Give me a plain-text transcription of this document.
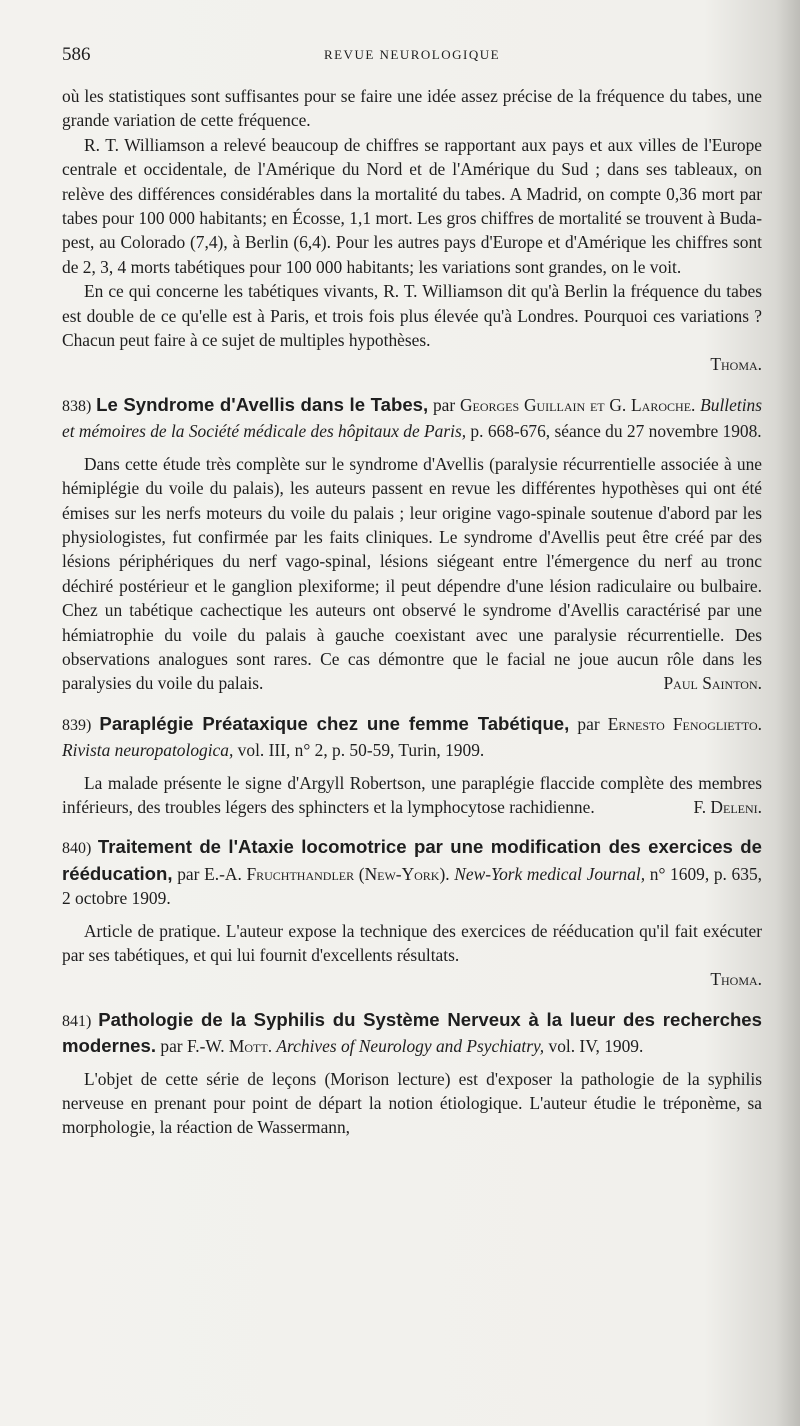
586	REVUE NEUROLOGIQUE

où les statistiques sont suffisantes pour se faire une idée assez précise de la fréquence du tabes, une grande variation de cette fréquence.

R. T. Williamson a relevé beaucoup de chiffres se rapportant aux pays et aux villes de l'Europe centrale et occidentale, de l'Amérique du Nord et de l'Amérique du Sud ; dans ses tableaux, on relève des différences considérables dans la mortalité du tabes. A Madrid, on compte 0,36 mort par tabes pour 100 000 habitants; en Écosse, 1,1 mort. Les gros chiffres de mortalité se trouvent à Buda-pest, au Colorado (7,4), à Berlin (6,4). Pour les autres pays d'Europe et d'Amérique les chiffres sont de 2, 3, 4 morts tabétiques pour 100 000 habitants; les variations sont grandes, on le voit.

En ce qui concerne les tabétiques vivants, R. T. Williamson dit qu'à Berlin la fréquence du tabes est double de ce qu'elle est à Paris, et trois fois plus élevée qu'à Londres. Pourquoi ces variations ? Chacun peut faire à ce sujet de multiples hypothèses.

Thoma.

838) Le Syndrome d'Avellis dans le Tabes, par Georges Guillain et G. Laroche. Bulletins et mémoires de la Société médicale des hôpitaux de Paris, p. 668-676, séance du 27 novembre 1908.

Dans cette étude très complète sur le syndrome d'Avellis (paralysie récurrentielle associée à une hémiplégie du voile du palais), les auteurs passent en revue les différentes hypothèses qui ont été émises sur les nerfs moteurs du voile du palais ; leur origine vago-spinale soutenue d'abord par les physiologistes, fut confirmée par les faits cliniques. Le syndrome d'Avellis peut être créé par des lésions périphériques du nerf vago-spinal, lésions siégeant entre l'émergence du nerf au tronc déchiré postérieur et le ganglion plexiforme; il peut dépendre d'une lésion radiculaire ou bulbaire. Chez un tabétique cachectique les auteurs ont observé le syndrome d'Avellis caractérisé par une hémiatrophie du voile du palais à gauche coexistant avec une paralysie récurrentielle. Des observations analogues sont rares. Ce cas démontre que le facial ne joue aucun rôle dans les paralysies du voile du palais.	Paul Sainton.

839) Paraplégie Préataxique chez une femme Tabétique, par Ernesto Fenoglietto. Rivista neuropatologica, vol. III, n° 2, p. 50-59, Turin, 1909.

La malade présente le signe d'Argyll Robertson, une paraplégie flaccide complète des membres inférieurs, des troubles légers des sphincters et la lymphocytose rachidienne.	F. Deleni.

840) Traitement de l'Ataxie locomotrice par une modification des exercices de rééducation, par E.-A. Fruchthandler (New-York). New-York medical Journal, n° 1609, p. 635, 2 octobre 1909.

Article de pratique. L'auteur expose la technique des exercices de rééducation qu'il fait exécuter par ses tabétiques, et qui lui fournit d'excellents résultats.

Thoma.

841) Pathologie de la Syphilis du Système Nerveux à la lueur des recherches modernes. par F.-W. Mott. Archives of Neurology and Psychiatry, vol. IV, 1909.

L'objet de cette série de leçons (Morison lecture) est d'exposer la pathologie de la syphilis nerveuse en prenant pour point de départ la notion étiologique. L'auteur étudie le tréponème, sa morphologie, la réaction de Wassermann,
